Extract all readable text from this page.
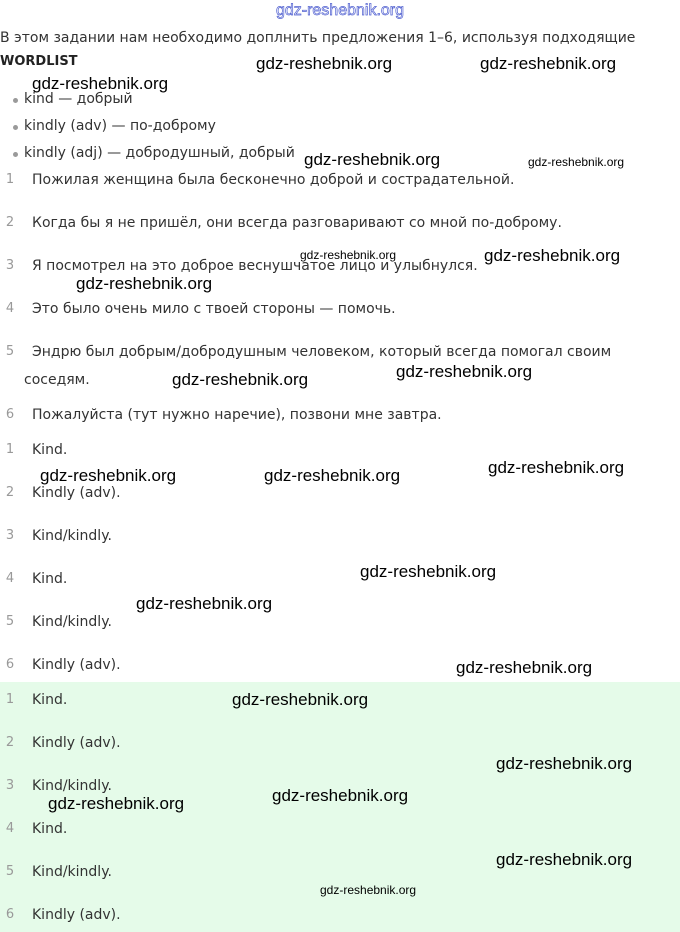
gdz-reshebnik.org
В этом задании нам необходимо доплнить предложения 1–6, используя подходящие
WORDLIST
kind — добрый
kindly (adv) — по-доброму
kindly (adj) — добродушный, добрый
1	Пожилая женщина была бесконечно доброй и сострадательной.
2	Когда бы я не пришёл, они всегда разговаривают со мной по-доброму.
3	Я посмотрел на это доброе веснушчатое лицо и улыбнулся.
4	Это было очень мило с твоей стороны — помочь.
5	Эндрю был добрым/добродушным человеком, который всегда помогал своим
соседям.
6	Пожалуйста (тут нужно наречие), позвони мне завтра.
1	Kind.
2	Kindly (adv).
3	Kind/kindly.
4	Kind.
5	Kind/kindly.
6	Kindly (adv).
1	Kind.
2	Kindly (adv).
3	Kind/kindly.
4	Kind.
5	Kind/kindly.
6	Kindly (adv).
gdz-reshebnik.org	gdz-reshebnik.org
gdz-reshebnik.org
gdz-reshebnik.org	gdz-reshebnik.org
gdz-reshebnik.org	gdz-reshebnik.org
gdz-reshebnik.org
gdz-reshebnik.org
gdz-reshebnik.org
gdz-reshebnik.org
gdz-reshebnik.org	gdz-reshebnik.org
gdz-reshebnik.org
gdz-reshebnik.org
gdz-reshebnik.org
gdz-reshebnik.org
gdz-reshebnik.org
gdz-reshebnik.org
gdz-reshebnik.org
gdz-reshebnik.org
gdz-reshebnik.org
